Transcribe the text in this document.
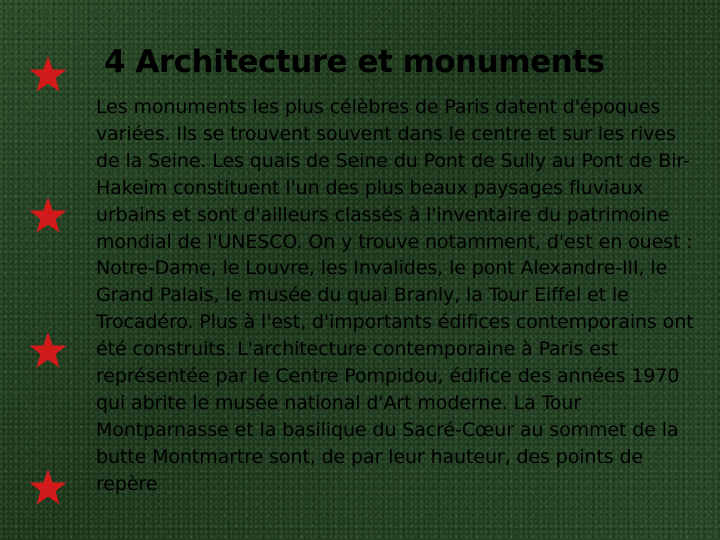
4 Architecture et monuments

Les monuments les plus célèbres de Paris datent d'époques variées. Ils se trouvent souvent dans le centre et sur les rives de la Seine. Les quais de Seine du Pont de Sully au Pont de Bir-Hakeim constituent l'un des plus beaux paysages fluviaux urbains et sont d'ailleurs classés à l'inventaire du patrimoine mondial de l'UNESCO. On y trouve notamment, d'est en ouest : Notre-Dame, le Louvre, les Invalides, le pont Alexandre-III, le Grand Palais, le musée du quai Branly, la Tour Eiffel et le Trocadéro. Plus à l'est, d'importants édifices contemporains ont été construits. L'architecture contemporaine à Paris est représentée par le Centre Pompidou, édifice des années 1970 qui abrite le musée national d'Art moderne. La Tour Montparnasse et la basilique du Sacré-Cœur au sommet de la butte Montmartre sont, de par leur hauteur, des points de repère
